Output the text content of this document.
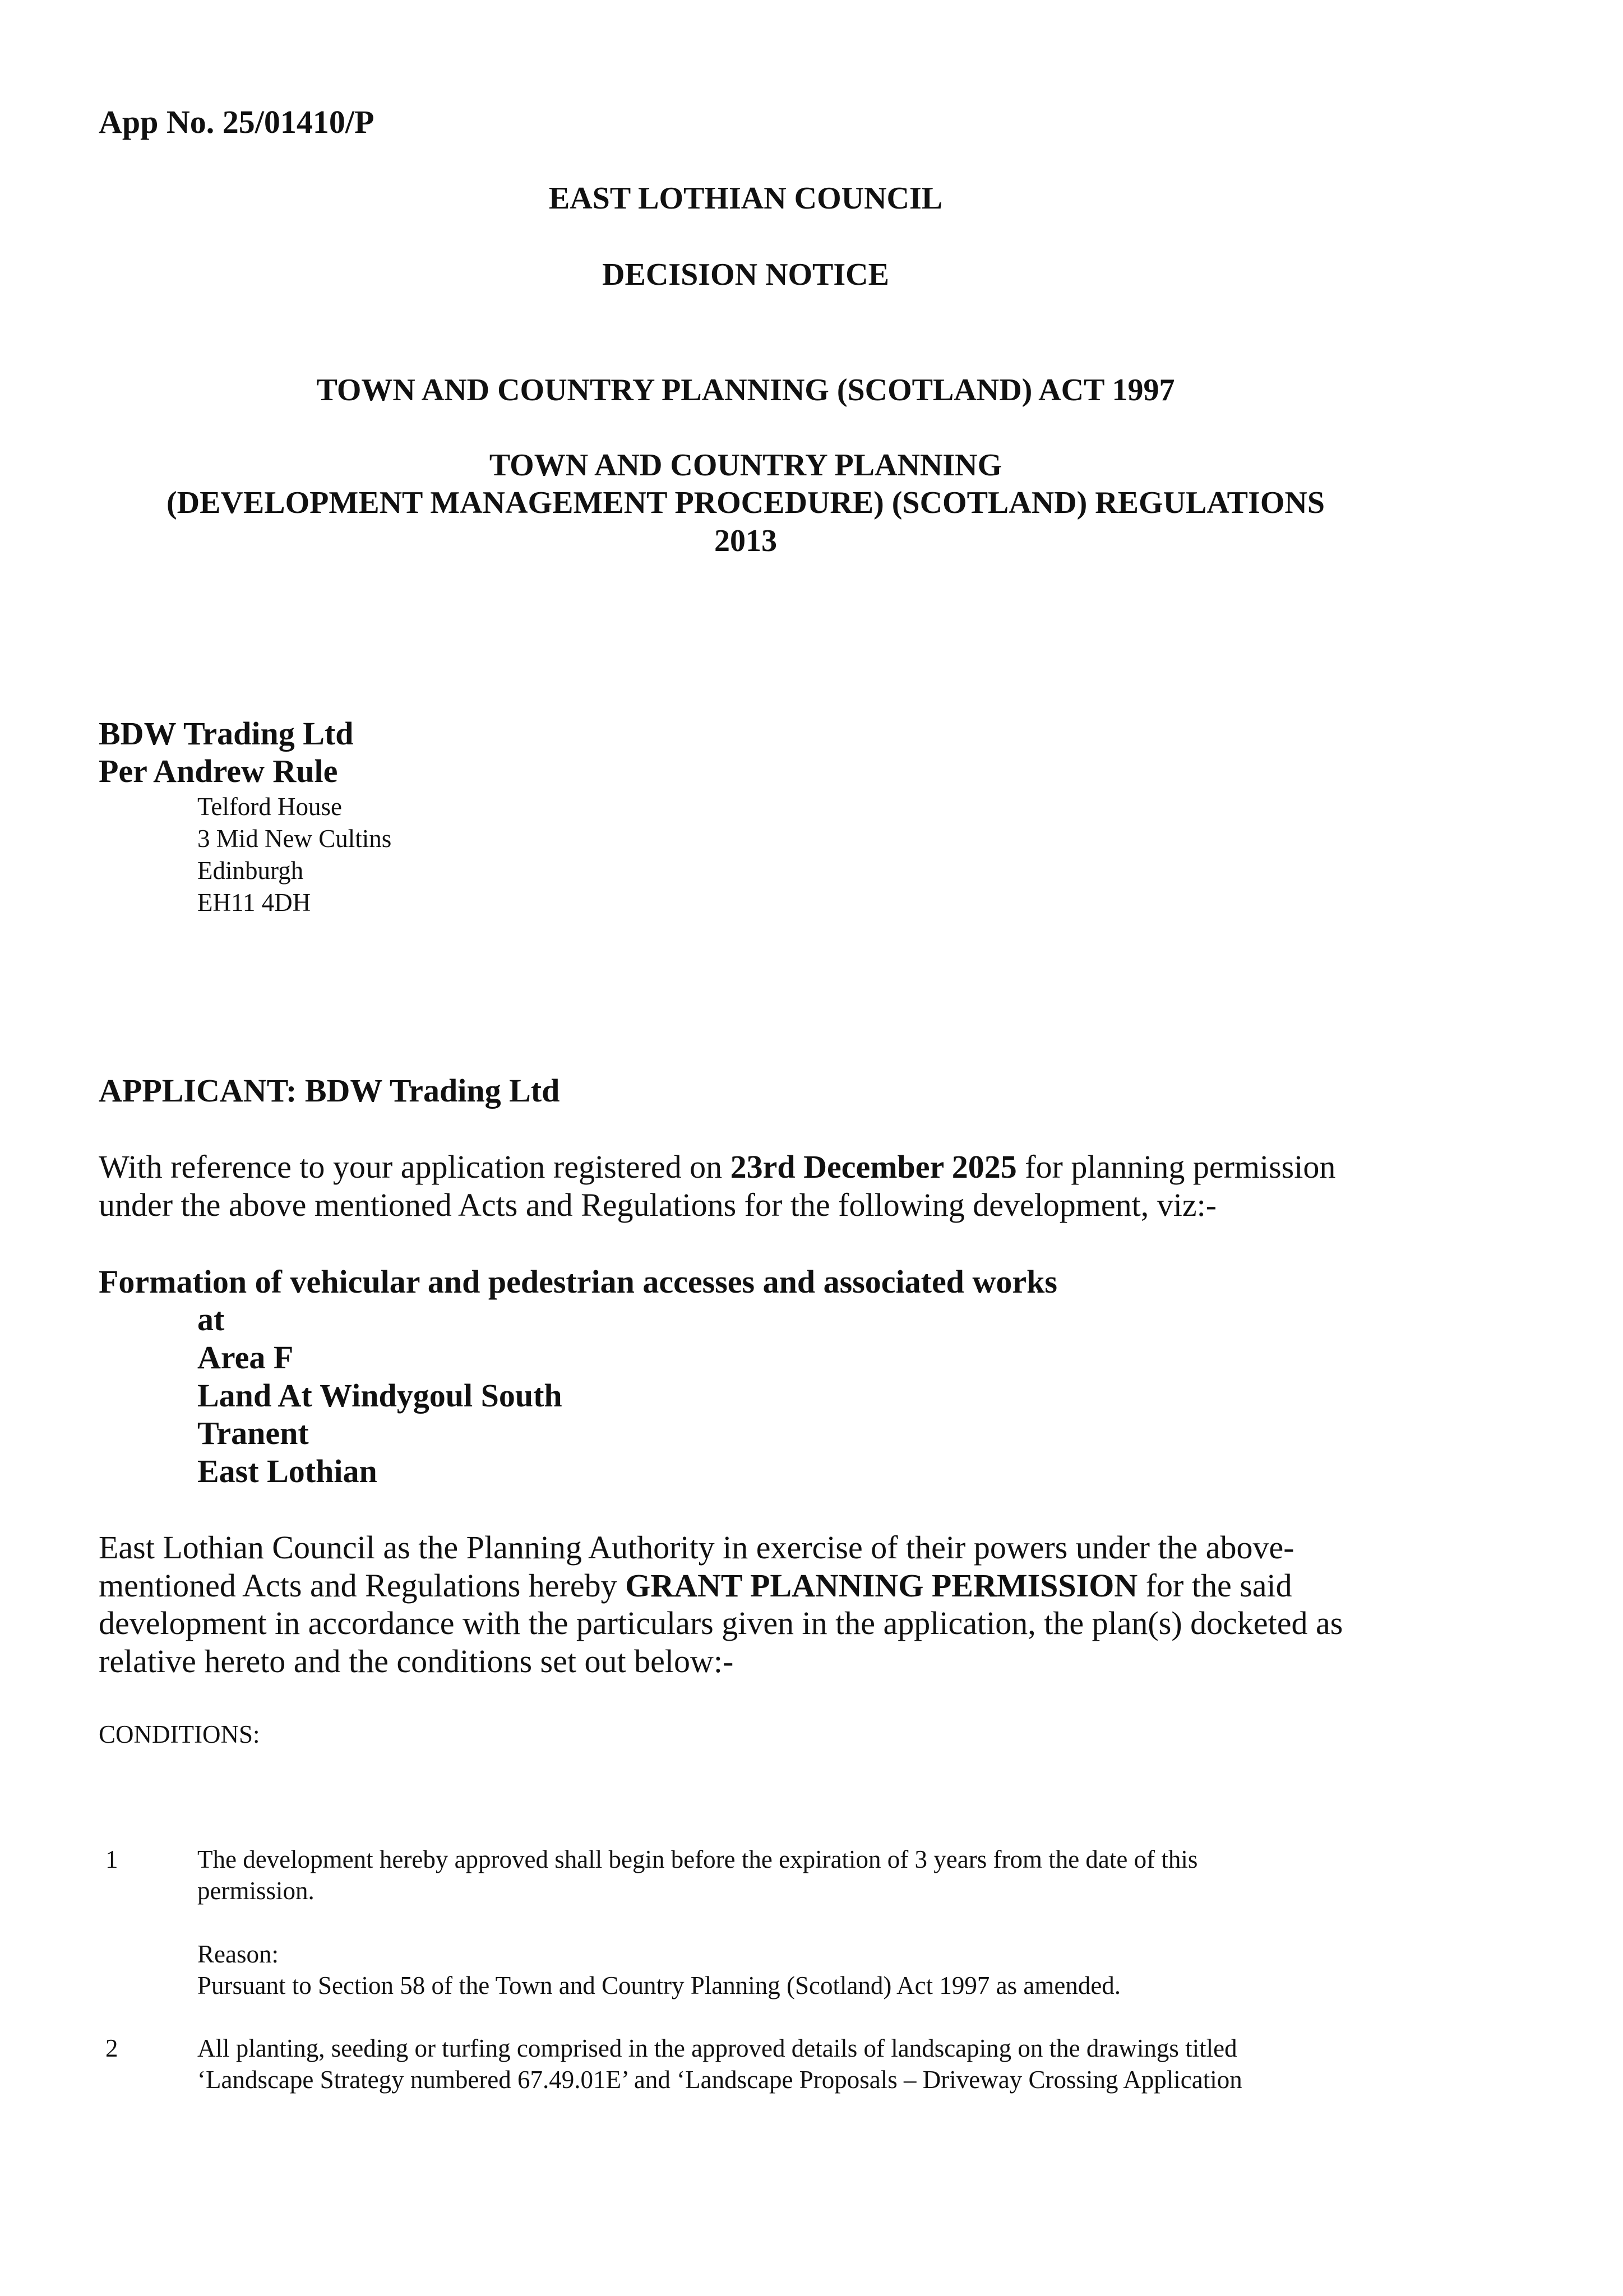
App No. 25/01410/P
EAST LOTHIAN COUNCIL
DECISION NOTICE
TOWN AND COUNTRY PLANNING (SCOTLAND) ACT 1997
TOWN AND COUNTRY PLANNING
(DEVELOPMENT MANAGEMENT PROCEDURE) (SCOTLAND) REGULATIONS
2013
BDW Trading Ltd
Per Andrew Rule
Telford House
3 Mid New Cultins
Edinburgh
EH11 4DH
APPLICANT: BDW Trading Ltd
With reference to your application registered on 23rd December 2025 for planning permission
under the above mentioned Acts and Regulations for the following development, viz:-
Formation of vehicular and pedestrian accesses and associated works
at
Area F
Land At Windygoul South
Tranent
East Lothian
East Lothian Council as the Planning Authority in exercise of their powers under the above-
mentioned Acts and Regulations hereby GRANT PLANNING PERMISSION for the said
development in accordance with the particulars given in the application, the plan(s) docketed as
relative hereto and the conditions set out below:-
CONDITIONS:
1	The development hereby approved shall begin before the expiration of 3 years from the date of this
permission.
Reason:
Pursuant to Section 58 of the Town and Country Planning (Scotland) Act 1997 as amended.
2	All planting, seeding or turfing comprised in the approved details of landscaping on the drawings titled
‘Landscape Strategy numbered 67.49.01E’ and ‘Landscape Proposals – Driveway Crossing Application
